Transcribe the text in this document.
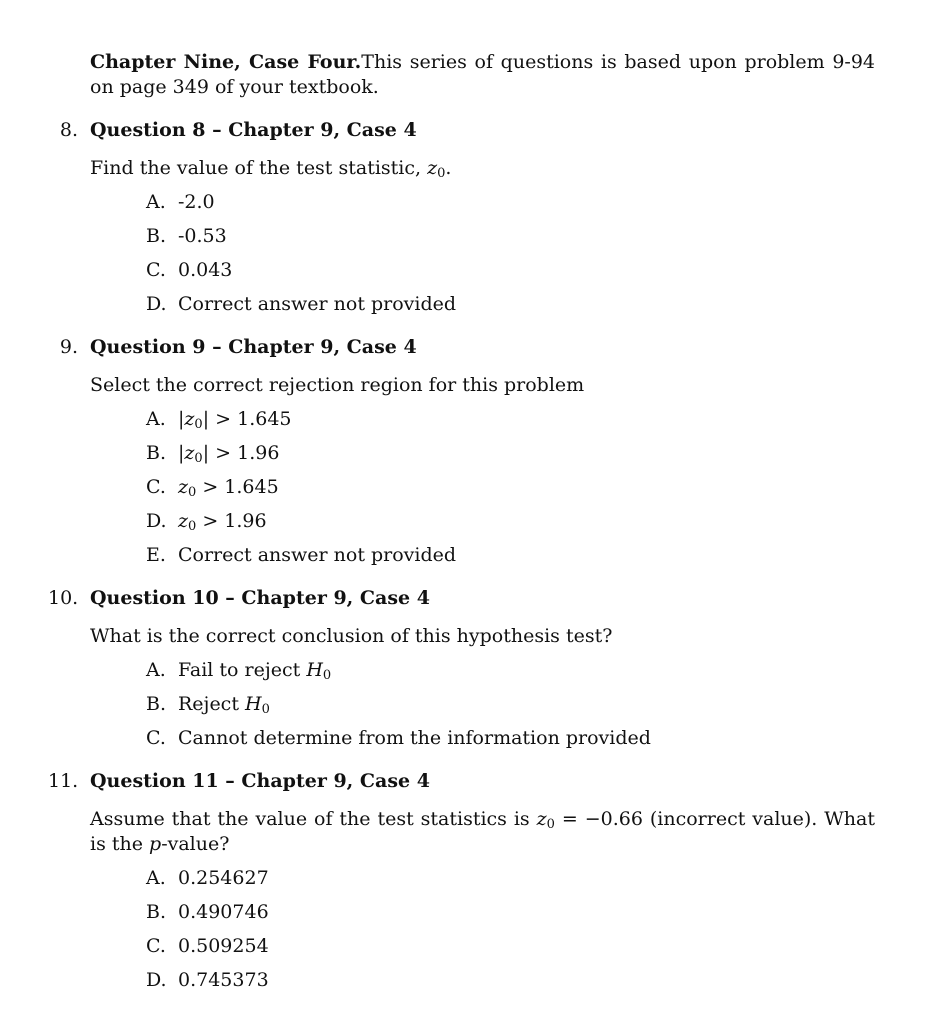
Chapter Nine, Case Four.This series of questions is based upon problem 9-94 on page 349 of your textbook.
8. Question 8 – Chapter 9, Case 4
Find the value of the test statistic, $z_0$.
A. -2.0
B. -0.53
C. 0.043
D. Correct answer not provided
9. Question 9 – Chapter 9, Case 4
Select the correct rejection region for this problem
A. $|z_0| > 1.645$
B. $|z_0| > 1.96$
C. $z_0 > 1.645$
D. $z_0 > 1.96$
E. Correct answer not provided
10. Question 10 – Chapter 9, Case 4
What is the correct conclusion of this hypothesis test?
A. Fail to reject $H_0$
B. Reject $H_0$
C. Cannot determine from the information provided
11. Question 11 – Chapter 9, Case 4
Assume that the value of the test statistics is $z_0 = -0.66$ (incorrect value). What is the p-value?
A. 0.254627
B. 0.490746
C. 0.509254
D. 0.745373
